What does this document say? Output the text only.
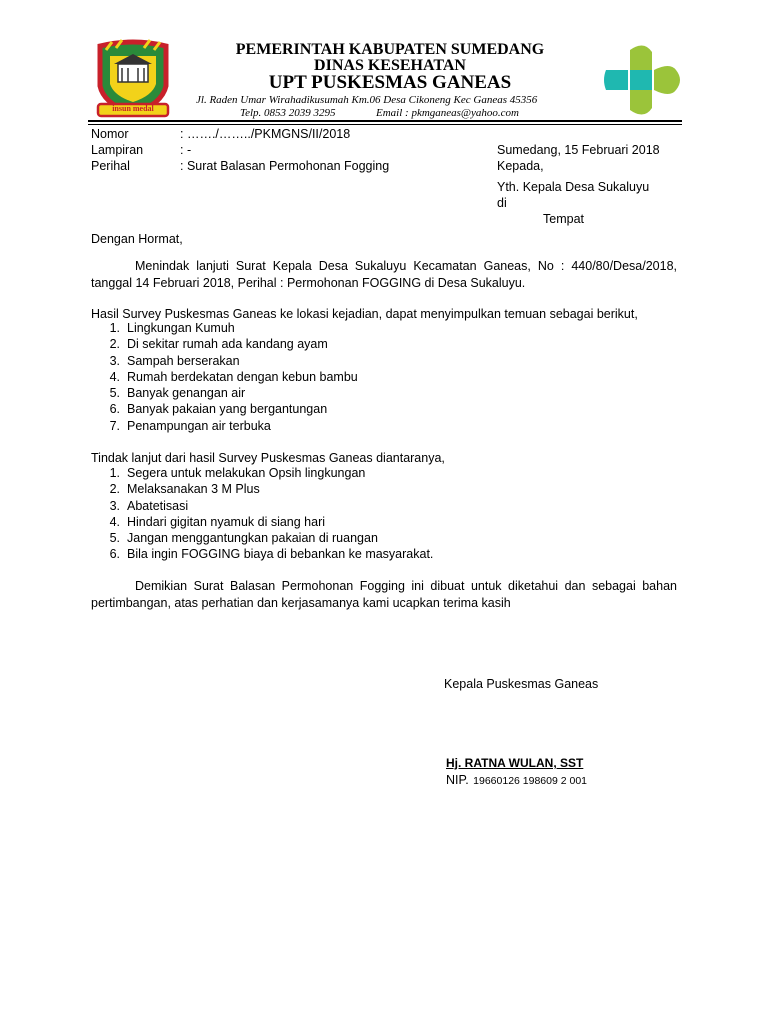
insun medal
PEMERINTAH KABUPATEN SUMEDANG
DINAS KESEHATAN
UPT PUSKESMAS GANEAS
Jl. Raden Umar Wirahadikusumah Km.06 Desa Cikoneng Kec Ganeas 45356
Telp. 0853 2039 3295	Email : pkmganeas@yahoo.com
Nomor	: ……./……../PKMGNS/II/2018
Lampiran	: -
Perihal	: Surat Balasan Permohonan Fogging
Sumedang, 15 Februari 2018
Kepada,
Yth. Kepala Desa Sukaluyu
di
Tempat
Dengan Hormat,
Menindak lanjuti Surat Kepala Desa Sukaluyu Kecamatan Ganeas, No : 440/80/Desa/2018,
tanggal 14 Februari 2018, Perihal : Permohonan FOGGING di Desa Sukaluyu.
Hasil Survey Puskesmas Ganeas ke lokasi kejadian, dapat menyimpulkan temuan sebagai berikut,
1. Lingkungan Kumuh
2. Di sekitar rumah ada kandang ayam
3. Sampah berserakan
4. Rumah berdekatan dengan kebun bambu
5. Banyak genangan air
6. Banyak pakaian yang bergantungan
7. Penampungan air terbuka
Tindak lanjut dari hasil Survey Puskesmas Ganeas diantaranya,
1. Segera untuk melakukan Opsih lingkungan
2. Melaksanakan 3 M Plus
3. Abatetisasi
4. Hindari gigitan nyamuk di siang hari
5. Jangan menggantungkan pakaian di ruangan
6. Bila ingin FOGGING biaya di bebankan ke masyarakat.
Demikian Surat Balasan Permohonan Fogging ini dibuat untuk diketahui dan sebagai bahan
pertimbangan, atas perhatian dan kerjasamanya kami ucapkan terima kasih
Kepala Puskesmas Ganeas
Hj. RATNA WULAN, SST
NIP. 19660126 198609 2 001
